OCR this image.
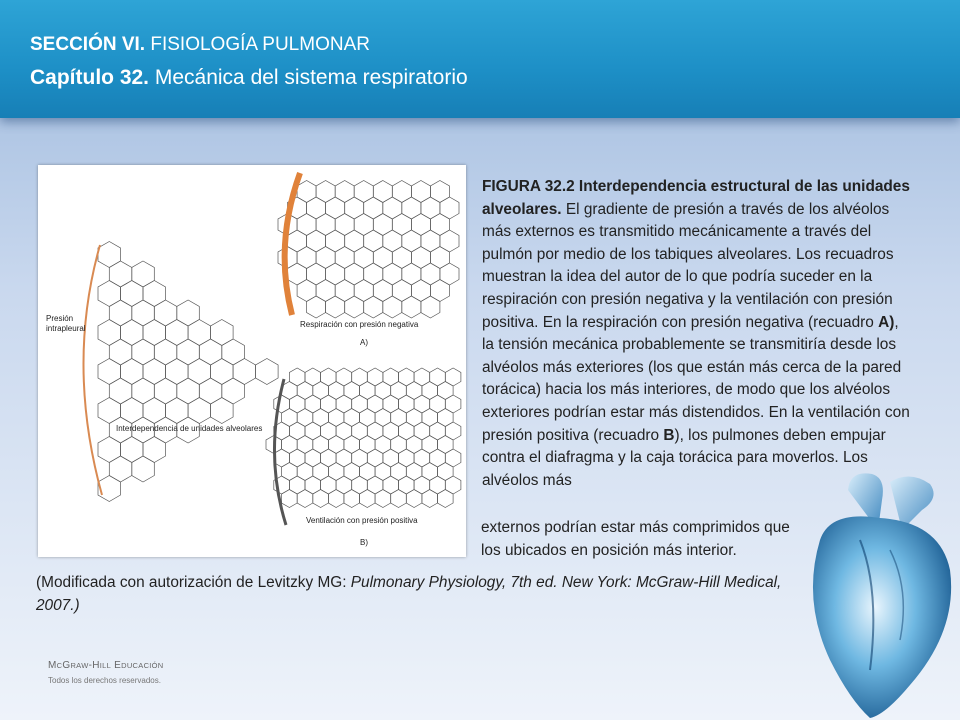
SECCIÓN VI. FISIOLOGÍA PULMONAR
Capítulo 32. Mecánica del sistema respiratorio
Presión
intrapleural
Interdependencia de unidades alveolares
Respiración con presión negativa
A)
Ventilación con presión positiva
B)
FIGURA 32.2 Interdependencia estructural de las unidades alveolares. El gradiente de presión a través de los alvéolos más externos es transmitido mecánicamente a través del pulmón por medio de los tabiques alveolares. Los recuadros muestran la idea del autor de lo que podría suceder en la respiración con presión negativa y la ventilación con presión positiva. En la respiración con presión negativa (recuadro A), la tensión mecánica probablemente se transmitiría desde los alvéolos más exteriores (los que están más cerca de la pared torácica) hacia los más interiores, de modo que los alvéolos exteriores podrían estar más distendidos. En la ventilación con presión positiva (recuadro B), los pulmones deben empujar contra el diafragma y la caja torácica para moverlos. Los alvéolos más
externos podrían estar más comprimidos que los ubicados en posición más interior.
(Modificada con autorización de Levitzky MG: Pulmonary Physiology, 7th ed. New York: McGraw-Hill Medical, 2007.)
MCGRAW-HILL EDUCACIÓN
Todos los derechos reservados.
